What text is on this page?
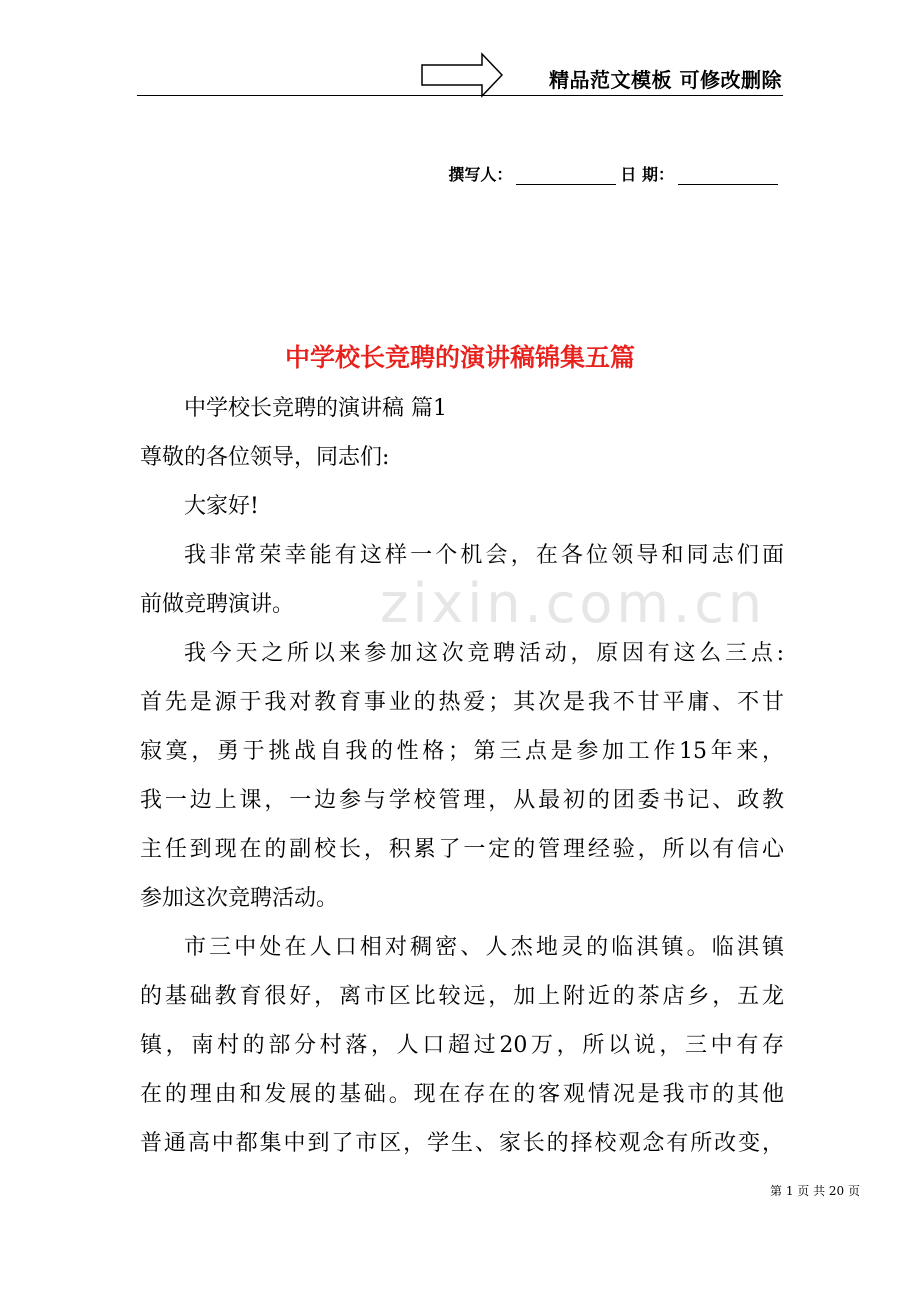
精品范文模板 可修改删除
撰写人：	日 期：
中学校长竞聘的演讲稿锦集五篇
zixin.com.cn

中学校长竞聘的演讲稿 篇1

尊敬的各位领导，同志们:

大家好!

我非常荣幸能有这样一个机会，在各位领导和同志们面

前做竞聘演讲。

我今天之所以来参加这次竞聘活动，原因有这么三点:

首先是源于我对教育事业的热爱；其次是我不甘平庸、不甘

寂寞，勇于挑战自我的性格；第三点是参加工作15年来，

我一边上课，一边参与学校管理，从最初的团委书记、政教

主任到现在的副校长，积累了一定的管理经验，所以有信心

参加这次竞聘活动。

市三中处在人口相对稠密、人杰地灵的临淇镇。临淇镇

的基础教育很好，离市区比较远，加上附近的茶店乡，五龙

镇，南村的部分村落，人口超过20万，所以说，三中有存

在的理由和发展的基础。现在存在的客观情况是我市的其他

普通高中都集中到了市区，学生、家长的择校观念有所改变，

第 1 页 共 20 页
